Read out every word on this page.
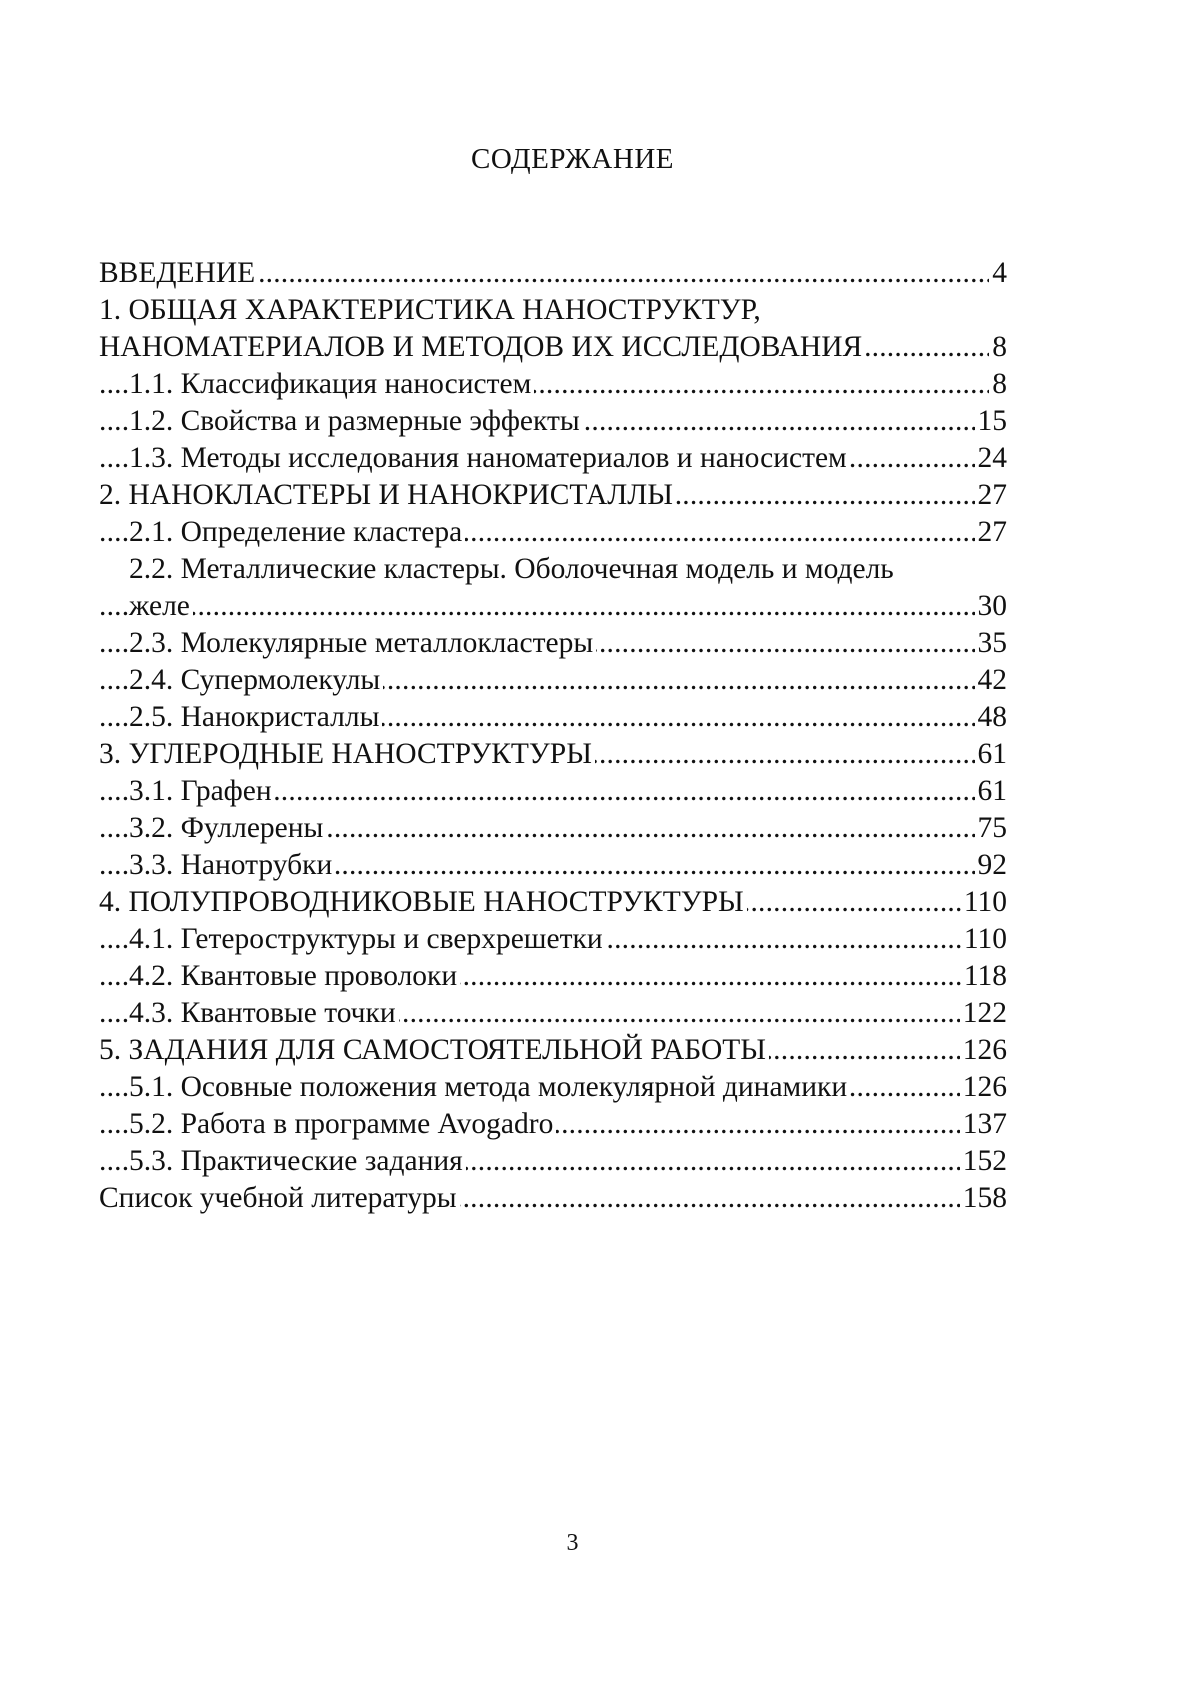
СОДЕРЖАНИЕ
.....
ВВЕДЕНИЕ	4
1. ОБЩАЯ ХАРАКТЕРИСТИКА НАНОСТРУКТУР,
.....
НАНОМАТЕРИАЛОВ И МЕТОДОВ ИХ ИССЛЕДОВАНИЯ	8
.....
1.1. Классификация наносистем	8
.....
1.2. Свойства и размерные эффекты	15
.....
1.3. Методы исследования наноматериалов и наносистем	24
.....
2. НАНОКЛАСТЕРЫ И НАНОКРИСТАЛЛЫ	27
.....
2.1. Определение кластера	27
2.2. Металлические кластеры. Оболочечная модель и модель
.....
желе	30
.....
2.3. Молекулярные металлокластеры	35
.....
2.4. Супермолекулы	42
.....
2.5. Нанокристаллы	48
.....
3. УГЛЕРОДНЫЕ НАНОСТРУКТУРЫ	61
.....
3.1. Графен	61
.....
3.2. Фуллерены	75
.....
3.3. Нанотрубки	92
.....
4. ПОЛУПРОВОДНИКОВЫЕ НАНОСТРУКТУРЫ	110
.....
4.1. Гетероструктуры и сверхрешетки	110
.....
4.2. Квантовые проволоки	118
.....
4.3. Квантовые точки	122
.....
5. ЗАДАНИЯ ДЛЯ САМОСТОЯТЕЛЬНОЙ РАБОТЫ	126
.....
5.1. Осовные положения метода молекулярной динамики	126
.....
5.2. Работа в программе Avogadro	137
.....
5.3. Практические задания	152
.....
Список учебной литературы	158
3
